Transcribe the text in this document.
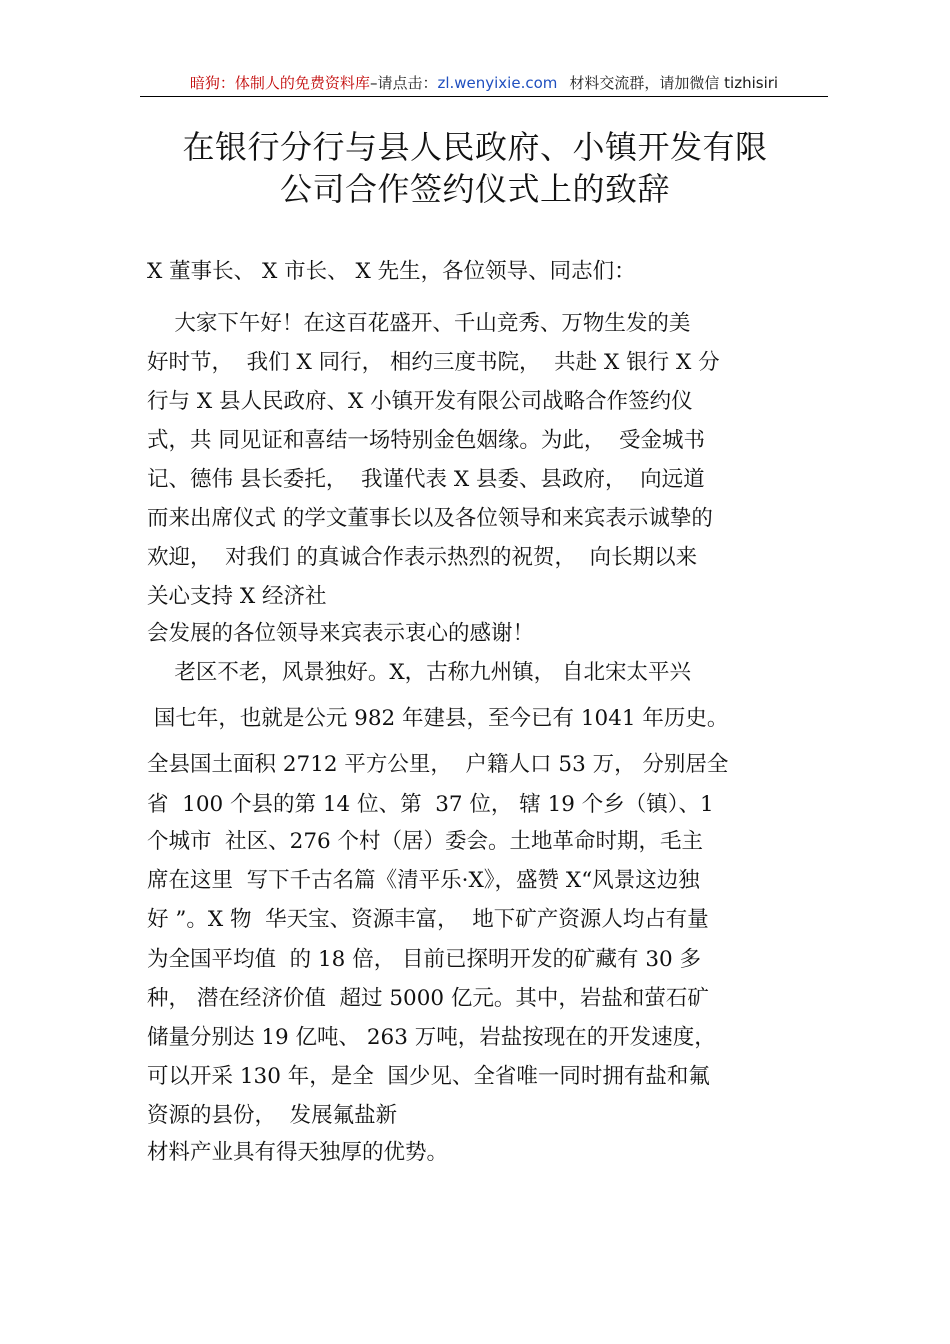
暗狗：体制人的免费资料库–请点击：zl.wenyixie.com 材料交流群，请加微信 tizhisiri
在银行分行与县人民政府、小镇开发有限
公司合作签约仪式上的致辞
X 董事长、 X 市长、 X 先生，各位领导、同志们：
大家下午好！在这百花盛开、千山竞秀、万物生发的美
好时节，  我们 X 同行， 相约三度书院，  共赴 X 银行 X 分
行与 X 县人民政府、X 小镇开发有限公司战略合作签约仪
式，共 同见证和喜结一场特别金色姻缘。为此，  受金城书
记、德伟 县长委托，  我谨代表 X 县委、县政府，  向远道
而来出席仪式 的学文董事长以及各位领导和来宾表示诚挚的
欢迎，  对我们 的真诚合作表示热烈的祝贺，  向长期以来
关心支持 X 经济社
会发展的各位领导来宾表示衷心的感谢！
老区不老，风景独好。X，古称九州镇， 自北宋太平兴
国七年，也就是公元 982 年建县，至今已有 1041 年历史。
全县国土面积 2712 平方公里，  户籍人口 53 万， 分别居全
省  100 个县的第 14 位、第  37 位， 辖 19 个乡（镇）、1
个城市  社区、276 个村（居）委会。土地革命时期，毛主
席在这里  写下千古名篇《清平乐·X》，盛赞 X“风景这边独
好 ”。X 物  华天宝、资源丰富，  地下矿产资源人均占有量
为全国平均值  的 18 倍， 目前已探明开发的矿藏有 30 多
种， 潜在经济价值  超过 5000 亿元。其中，岩盐和萤石矿
储量分别达 19 亿吨、 263 万吨，岩盐按现在的开发速度，
可以开采 130 年，是全  国少见、全省唯一同时拥有盐和氟
资源的县份，  发展氟盐新
材料产业具有得天独厚的优势。
